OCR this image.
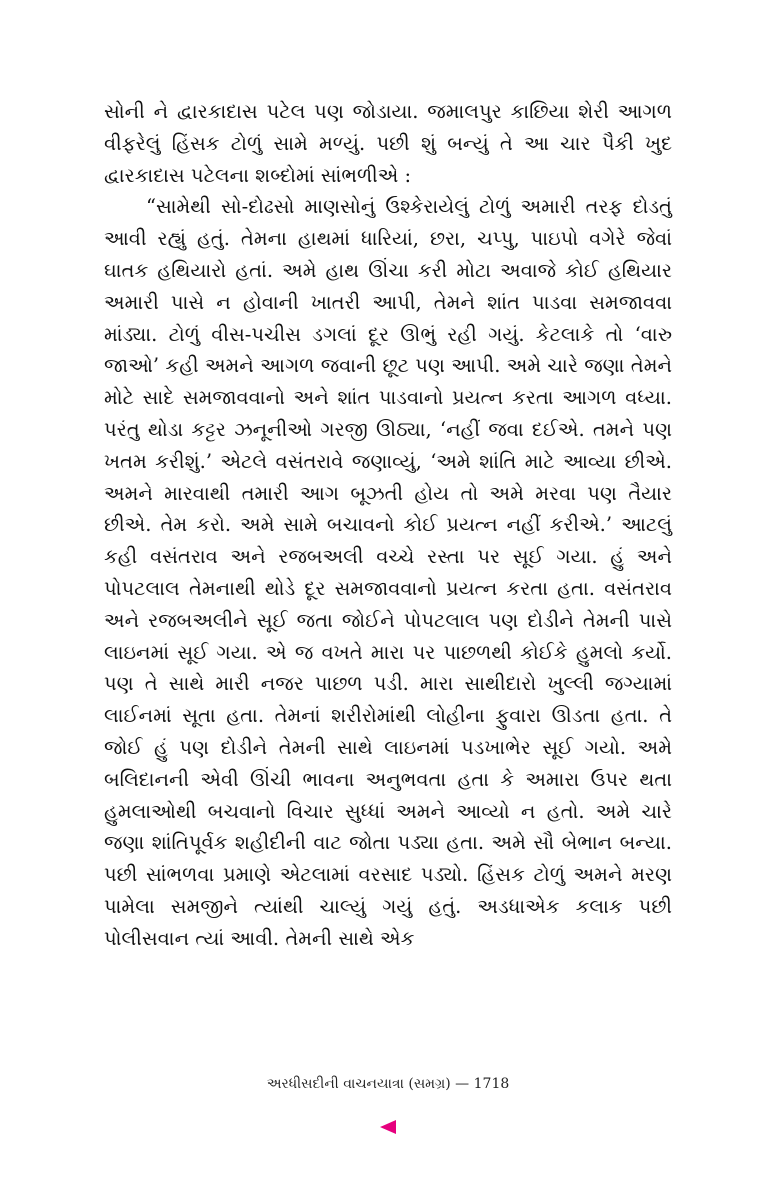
સોની ને દ્વારકાદાસ પટેલ પણ જોડાયા. જમાલપુર કાછિયા શેરી આગળ વીફરેલું હિંસક ટોળું સામે મળ્યું. પછી શું બન્યું તે આ ચાર પૈકી ખુદ દ્વારકાદાસ પટેલના શબ્દોમાં સાંભળીએ :

“સામેથી સો-દોઢસો માણસોનું ઉશ્કેરાયેલું ટોળું અમારી તરફ દોડતું આવી રહ્યું હતું. તેમના હાથમાં ધારિયાં, છરા, ચપ્પુ, પાઇપો વગેરે જેવાં ઘાતક હથિયારો હતાં. અમે હાથ ઊંચા કરી મોટા અવાજે કોઈ હથિયાર અમારી પાસે ન હોવાની ખાતરી આપી, તેમને શાંત પાડવા સમજાવવા માંડ્યા. ટોળું વીસ-પચીસ ડગલાં દૂર ઊભું રહી ગયું. કેટલાકે તો ‘વારુ જાઓ’ કહી અમને આગળ જવાની છૂટ પણ આપી. અમે ચારે જણા તેમને મોટે સાદે સમજાવવાનો અને શાંત પાડવાનો પ્રયત્ન કરતા આગળ વધ્યા. પરંતુ થોડા કટ્ટર ઝનૂનીઓ ગરજી ઊઠ્યા, ‘નહીં જવા દઈએ. તમને પણ ખતમ કરીશું.’ એટલે વસંતરાવે જણાવ્યું, ‘અમે શાંતિ માટે આવ્યા છીએ. અમને મારવાથી તમારી આગ બૂઝતી હોય તો અમે મરવા પણ તૈયાર છીએ. તેમ કરો. અમે સામે બચાવનો કોઈ પ્રયત્ન નહીં કરીએ.’ આટલું કહી વસંતરાવ અને રજબઅલી વચ્ચે રસ્તા પર સૂઈ ગયા. હું અને પોપટલાલ તેમનાથી થોડે દૂર સમજાવવાનો પ્રયત્ન કરતા હતા. વસંતરાવ અને રજબઅલીને સૂઈ જતા જોઈને પોપટલાલ પણ દોડીને તેમની પાસે લાઇનમાં સૂઈ ગયા. એ જ વખતે મારા પર પાછળથી કોઈકે હુમલો કર્યો. પણ તે સાથે મારી નજર પાછળ પડી. મારા સાથીદારો ખુલ્લી જગ્યામાં લાઈનમાં સૂતા હતા. તેમનાં શરીરોમાંથી લોહીના ફુવારા ઊડતા હતા. તે જોઈ હું પણ દોડીને તેમની સાથે લાઇનમાં પડખાભેર સૂઈ ગયો. અમે બલિદાનની એવી ઊંચી ભાવના અનુભવતા હતા કે અમારા ઉપર થતા હુમલાઓથી બચવાનો વિચાર સુધ્ધાં અમને આવ્યો ન હતો. અમે ચારે જણા શાંતિપૂર્વક શહીદીની વાટ જોતા પડ્યા હતા. અમે સૌ બેભાન બન્યા. પછી સાંભળવા પ્રમાણે એટલામાં વરસાદ પડ્યો. હિંસક ટોળું અમને મરણ પામેલા સમજીને ત્યાંથી ચાલ્યું ગયું હતું. અડધાએક કલાક પછી પોલીસવાન ત્યાં આવી. તેમની સાથે એક

અરધીસદીની વાચનયાત્રા (સમગ્ર) — 1718
